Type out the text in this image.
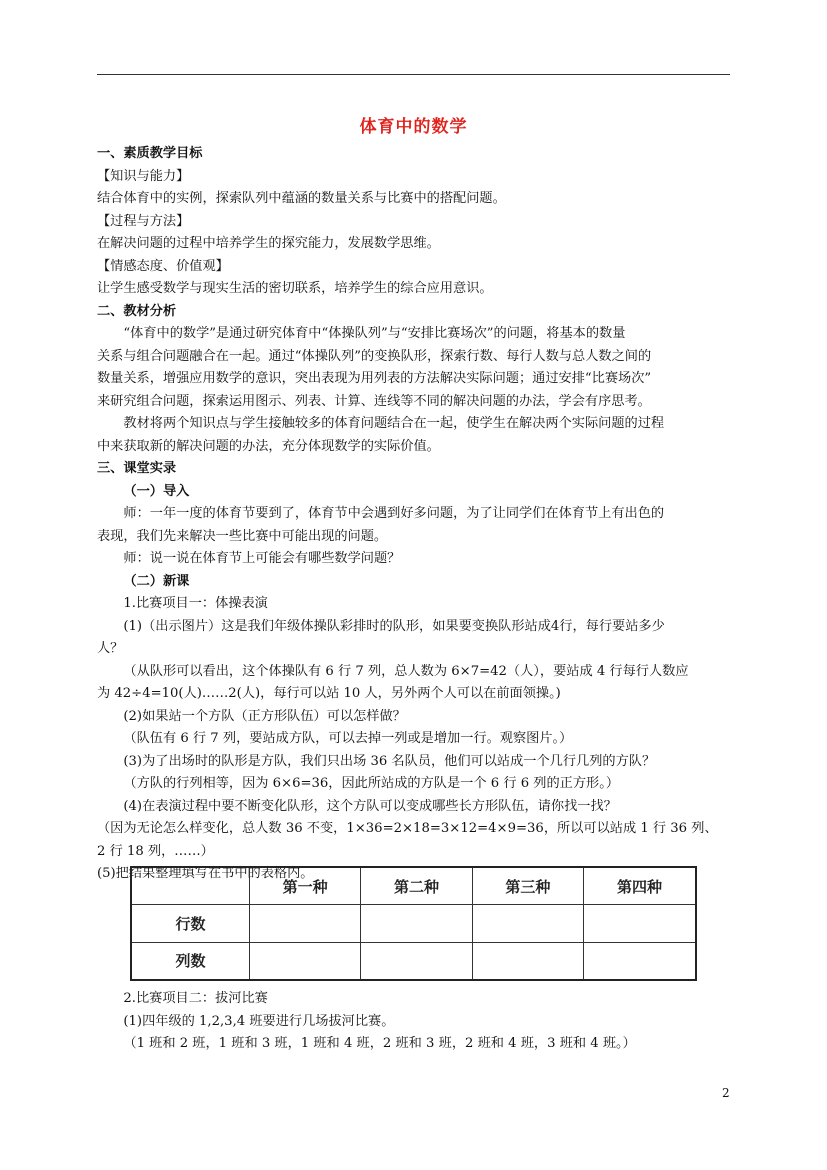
体育中的数学
一、素质教学目标
【知识与能力】
结合体育中的实例，探索队列中蕴涵的数量关系与比赛中的搭配问题。
【过程与方法】
在解决问题的过程中培养学生的探究能力，发展数学思维。
【情感态度、价值观】
让学生感受数学与现实生活的密切联系，培养学生的综合应用意识。
二、教材分析
“体育中的数学”是通过研究体育中“体操队列”与“安排比赛场次”的问题，将基本的数量
关系与组合问题融合在一起。通过“体操队列”的变换队形，探索行数、每行人数与总人数之间的
数量关系，增强应用数学的意识，突出表现为用列表的方法解决实际问题；通过安排“比赛场次”
来研究组合问题，探索运用图示、列表、计算、连线等不同的解决问题的办法，学会有序思考。
教材将两个知识点与学生接触较多的体育问题结合在一起，使学生在解决两个实际问题的过程
中来获取新的解决问题的办法，充分体现数学的实际价值。
三、课堂实录
（一）导入
师：一年一度的体育节要到了，体育节中会遇到好多问题，为了让同学们在体育节上有出色的
表现，我们先来解决一些比赛中可能出现的问题。
师：说一说在体育节上可能会有哪些数学问题？
（二）新课
1.比赛项目一：体操表演
(1)（出示图片）这是我们年级体操队彩排时的队形，如果要变换队形站成4行，每行要站多少
人？
（从队形可以看出，这个体操队有 6 行 7 列，总人数为 6×7=42（人），要站成 4 行每行人数应
为 42÷4=10(人)……2(人)，每行可以站 10 人，另外两个人可以在前面领操。)
(2)如果站一个方队（正方形队伍）可以怎样做？
（队伍有 6 行 7 列，要站成方队，可以去掉一列或是增加一行。观察图片。）
(3)为了出场时的队形是方队，我们只出场 36 名队员，他们可以站成一个几行几列的方队？
（方队的行列相等，因为 6×6=36，因此所站成的方队是一个 6 行 6 列的正方形。）
(4)在表演过程中要不断变化队形，这个方队可以变成哪些长方形队伍，请你找一找？
（因为无论怎么样变化，总人数 36 不变，1×36=2×18=3×12=4×9=36，所以可以站成 1 行 36 列、
2 行 18 列，……）
(5)把结果整理填写在书中的表格内。
2.比赛项目二：拔河比赛
(1)四年级的 1,2,3,4 班要进行几场拔河比赛。
（1 班和 2 班，1 班和 3 班，1 班和 4 班，2 班和 3 班，2 班和 4 班，3 班和 4 班。）
	第一种	第二种	第三种	第四种
行数				
列数				
2
